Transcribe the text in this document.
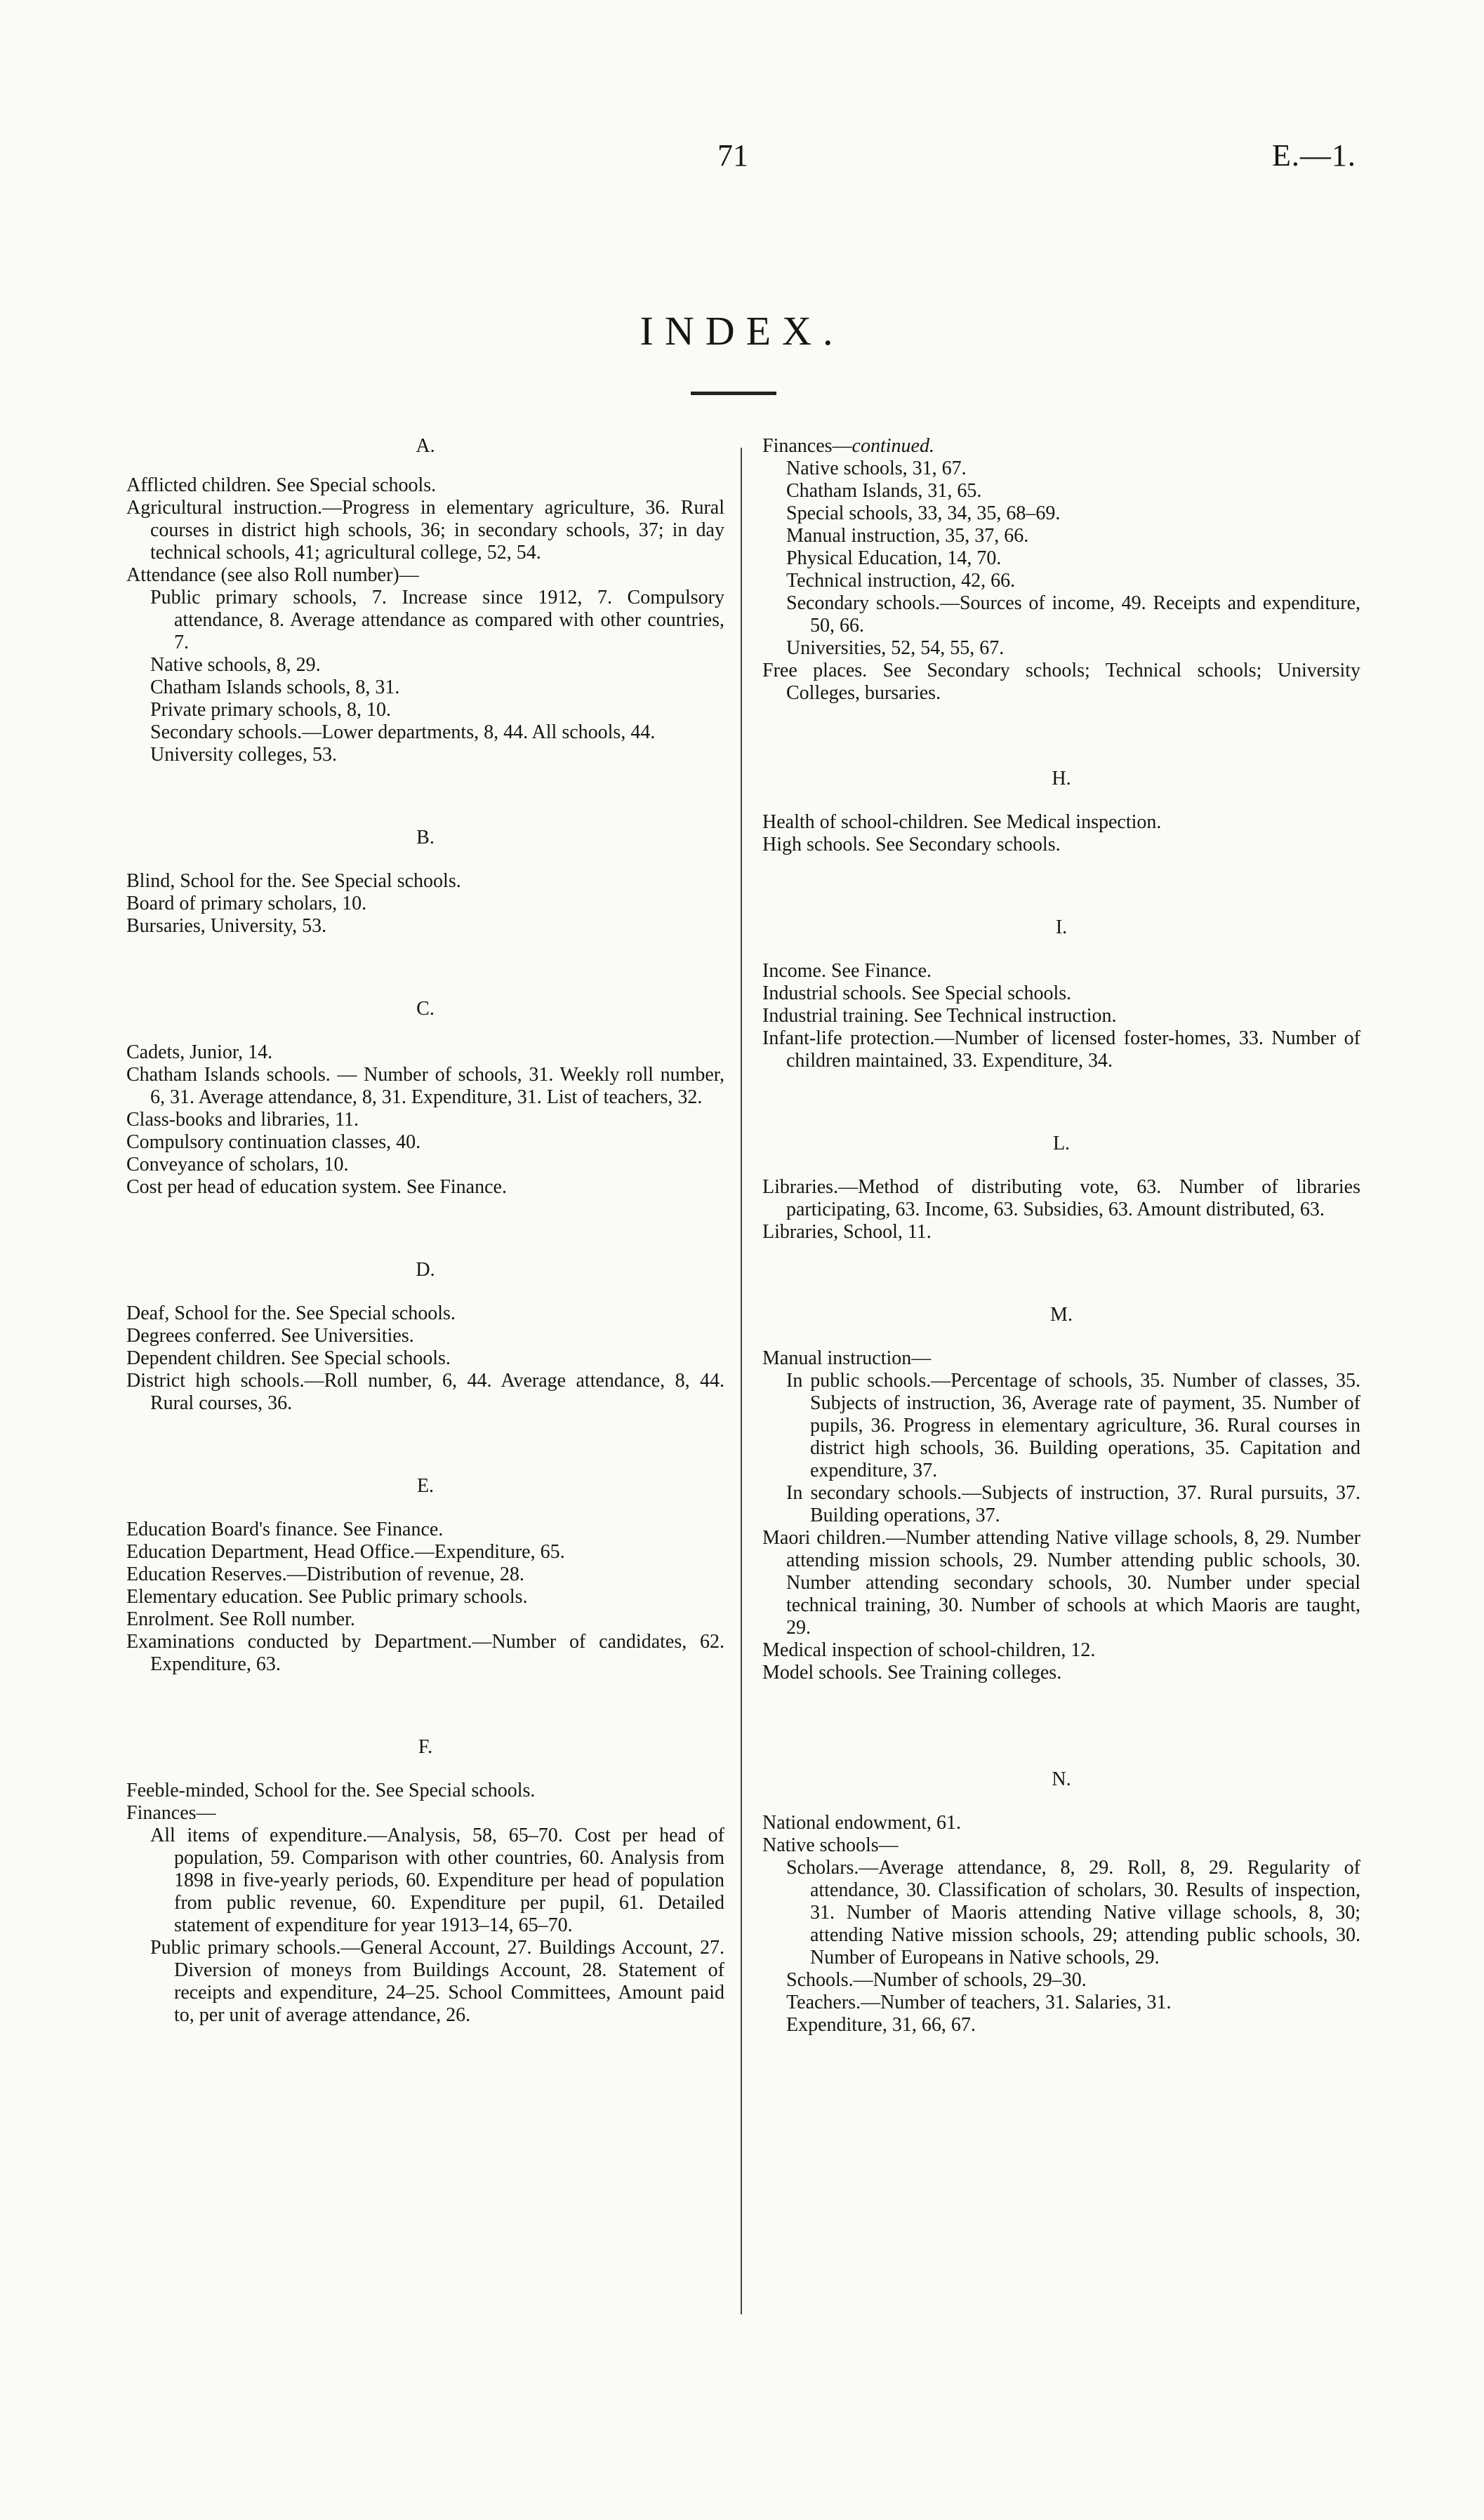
71	E.—1.
INDEX.

A.

Afflicted children. See Special schools.

Agricultural instruction.—Progress in elementary agriculture, 36. Rural courses in district high schools, 36; in secondary schools, 37; in day technical schools, 41; agricultural college, 52, 54.

Attendance (see also Roll number)—

Public primary schools, 7. Increase since 1912, 7. Compulsory attendance, 8. Average attendance as compared with other countries, 7.

Native schools, 8, 29.

Chatham Islands schools, 8, 31.

Private primary schools, 8, 10.

Secondary schools.—Lower departments, 8, 44. All schools, 44.

University colleges, 53.

B.

Blind, School for the. See Special schools.

Board of primary scholars, 10.

Bursaries, University, 53.

C.

Cadets, Junior, 14.

Chatham Islands schools. — Number of schools, 31. Weekly roll number, 6, 31. Average attendance, 8, 31. Expenditure, 31. List of teachers, 32.

Class-books and libraries, 11.

Compulsory continuation classes, 40.

Conveyance of scholars, 10.

Cost per head of education system. See Finance.

D.

Deaf, School for the. See Special schools.

Degrees conferred. See Universities.

Dependent children. See Special schools.

District high schools.—Roll number, 6, 44. Average attendance, 8, 44. Rural courses, 36.

E.

Education Board's finance. See Finance.

Education Department, Head Office.—Expenditure, 65.

Education Reserves.—Distribution of revenue, 28.

Elementary education. See Public primary schools.

Enrolment. See Roll number.

Examinations conducted by Department.—Number of candidates, 62. Expenditure, 63.

F.

Feeble-minded, School for the. See Special schools.

Finances—

All items of expenditure.—Analysis, 58, 65–70. Cost per head of population, 59. Comparison with other countries, 60. Analysis from 1898 in five-yearly periods, 60. Expenditure per head of population from public revenue, 60. Expenditure per pupil, 61. Detailed statement of expenditure for year 1913–14, 65–70.

Public primary schools.—General Account, 27. Buildings Account, 27. Diversion of moneys from Buildings Account, 28. Statement of receipts and expenditure, 24–25. School Committees, Amount paid to, per unit of average attendance, 26.

Finances—continued.

Native schools, 31, 67.

Chatham Islands, 31, 65.

Special schools, 33, 34, 35, 68–69.

Manual instruction, 35, 37, 66.

Physical Education, 14, 70.

Technical instruction, 42, 66.

Secondary schools.—Sources of income, 49. Receipts and expenditure, 50, 66.

Universities, 52, 54, 55, 67.

Free places. See Secondary schools; Technical schools; University Colleges, bursaries.

H.

Health of school-children. See Medical inspection.

High schools. See Secondary schools.

I.

Income. See Finance.

Industrial schools. See Special schools.

Industrial training. See Technical instruction.

Infant-life protection.—Number of licensed foster-homes, 33. Number of children maintained, 33. Expenditure, 34.

L.

Libraries.—Method of distributing vote, 63. Number of libraries participating, 63. Income, 63. Subsidies, 63. Amount distributed, 63.

Libraries, School, 11.

M.

Manual instruction—

In public schools.—Percentage of schools, 35. Number of classes, 35. Subjects of instruction, 36, Average rate of payment, 35. Number of pupils, 36. Progress in elementary agriculture, 36. Rural courses in district high schools, 36. Building operations, 35. Capitation and expenditure, 37.

In secondary schools.—Subjects of instruction, 37. Rural pursuits, 37. Building operations, 37.

Maori children.—Number attending Native village schools, 8, 29. Number attending mission schools, 29. Number attending public schools, 30. Number attending secondary schools, 30. Number under special technical training, 30. Number of schools at which Maoris are taught, 29.

Medical inspection of school-children, 12.

Model schools. See Training colleges.

N.

National endowment, 61.

Native schools—

Scholars.—Average attendance, 8, 29. Roll, 8, 29. Regularity of attendance, 30. Classification of scholars, 30. Results of inspection, 31. Number of Maoris attending Native village schools, 8, 30; attending Native mission schools, 29; attending public schools, 30. Number of Europeans in Native schools, 29.

Schools.—Number of schools, 29–30.

Teachers.—Number of teachers, 31. Salaries, 31.

Expenditure, 31, 66, 67.
